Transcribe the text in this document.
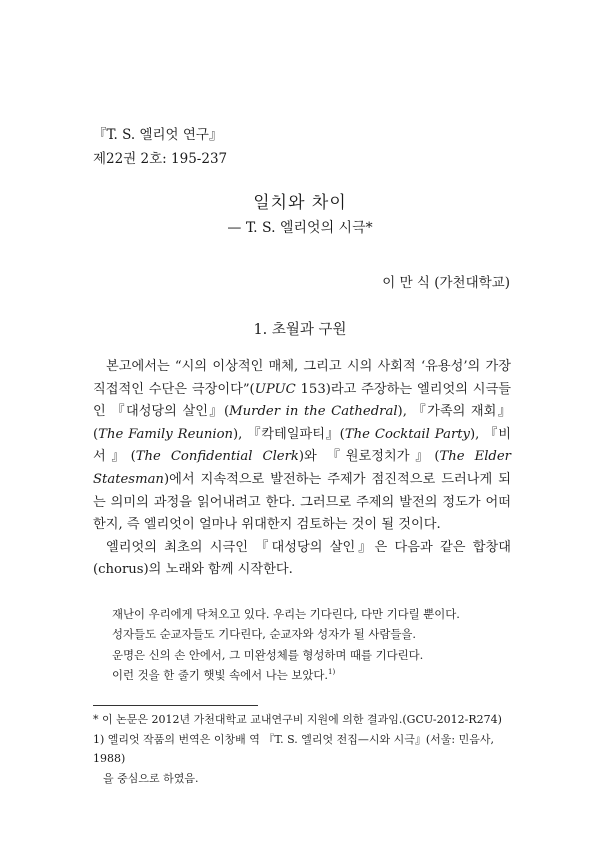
『T. S. 엘리엇 연구』
제22권 2호: 195-237
일치와 차이
— T. S. 엘리엇의 시극*
이 만 식 (가천대학교)
1. 초월과 구원

본고에서는 “시의 이상적인 매체, 그리고 시의 사회적 ‘유용성’의 가장 직접적인 수단은 극장이다”(UPUC 153)라고 주장하는 엘리엇의 시극들인 『대성당의 살인』(Murder in the Cathedral), 『가족의 재회』(The Family Reunion), 『칵테일파티』(The Cocktail Party), 『비서』(The Confidential Clerk)와 『원로정치가』(The Elder Statesman)에서 지속적으로 발전하는 주제가 점진적으로 드러나게 되는 의미의 과정을 읽어내려고 한다. 그러므로 주제의 발전의 정도가 어떠한지, 즉 엘리엇이 얼마나 위대한지 검토하는 것이 될 것이다.

엘리엇의 최초의 시극인 『대성당의 살인』은 다음과 같은 합창대(chorus)의 노래와 함께 시작한다.

재난이 우리에게 닥쳐오고 있다. 우리는 기다린다, 다만 기다릴 뿐이다.
성자들도 순교자들도 기다린다, 순교자와 성자가 될 사람들을.
운명은 신의 손 안에서, 그 미완성체를 형성하며 때를 기다린다.
이런 것을 한 줄기 햇빛 속에서 나는 보았다.$^{1)}$
* 이 논문은 2012년 가천대학교 교내연구비 지원에 의한 결과임.(GCU-2012-R274)
1) 엘리엇 작품의 번역은 이창배 역 『T. S. 엘리엇 전집—시와 시극』(서울: 민음사, 1988)
을 중심으로 하였음.
